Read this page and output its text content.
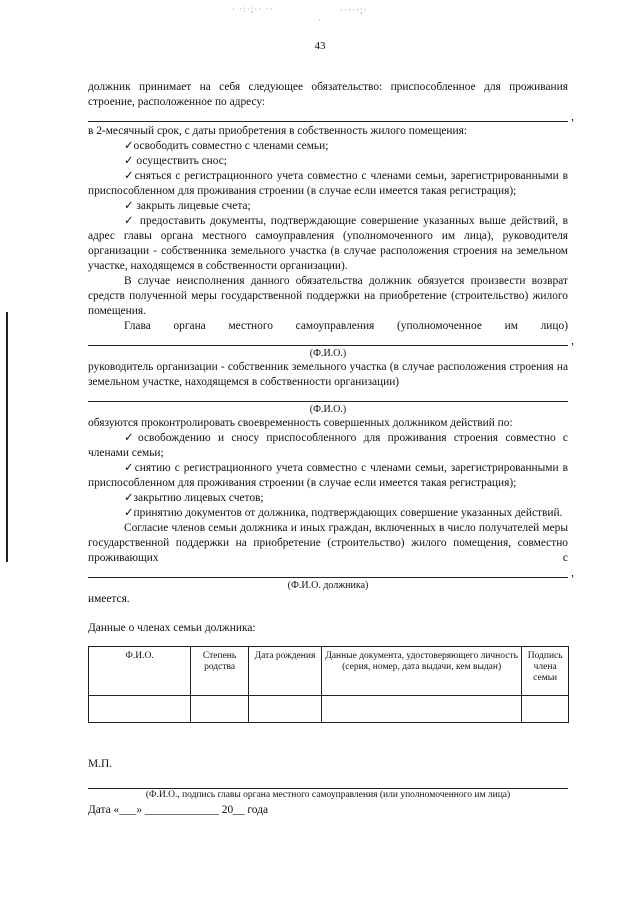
· ·:·;·· ··
·
·····;·
43

должник принимает на себя следующее обязательство: приспособленное для проживания строение, расположенное по адресу:

,

в 2-месячный срок, с даты приобретения в собственность жилого помещения:

✓освободить совместно с членами семьи;

✓ осуществить снос;

✓сняться с регистрационного учета совместно с членами семьи, зарегистрированными в приспособленном для проживания строении (в случае если имеется такая регистрация);

✓ закрыть лицевые счета;

✓ предоставить документы, подтверждающие совершение указанных выше действий, в адрес главы органа местного самоуправления (уполномоченного им лица), руководителя организации - собственника земельного участка (в случае расположения строения на земельном участке, находящемся в собственности организации).

В случае неисполнения данного обязательства должник обязуется произвести возврат средств полученной меры государственной поддержки на приобретение (строительство) жилого помещения.

Глава органа местного самоуправления (уполномоченное им лицо)

,
(Ф.И.О.)

руководитель организации - собственник земельного участка (в случае расположения строения на земельном участке, находящемся в собственности организации)

(Ф.И.О.)

обязуются проконтролировать своевременность совершенных должником действий по:

✓освобождению и сносу приспособленного для проживания строения совместно с членами семьи;

✓снятию с регистрационного учета совместно с членами семьи, зарегистрированными в приспособленном для проживания строении (в случае если имеется такая регистрация);

✓закрытию лицевых счетов;

✓принятию документов от должника, подтверждающих совершение указанных действий.

Согласие членов семьи должника и иных граждан, включенных в число получателей меры государственной поддержки на приобретение (строительство) жилого помещения, совместно проживающих с

,
(Ф.И.О. должника)

имеется.

Данные о членах семьи должника:

Ф.И.О.	Степень родства	Дата рождения	Данные документа, удостоверяющего личность (серия, номер, дата выдачи, кем выдан)	Подпись члена семьи

М.П.

(Ф.И.О., подпись главы органа местного самоуправления (или уполномоченного им лица)

Дата «___» _____________ 20__ года
